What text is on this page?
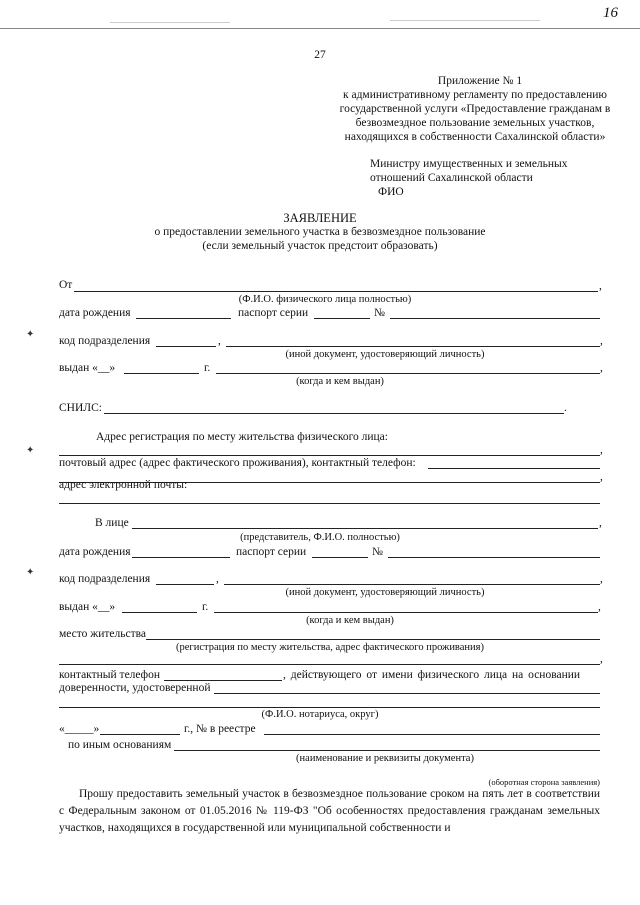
16
27
Приложение № 1
к административному регламенту по предоставлению
государственной услуги «Предоставление гражданам в
безвозмездное пользование земельных участков,
находящихся в собственности Сахалинской области»
Министру имущественных и земельных
отношений Сахалинской области
ФИО
ЗАЯВЛЕНИЕ
о предоставлении земельного участка в безвозмездное пользование
(если земельный участок предстоит образовать)
От	,
(Ф.И.О. физического лица полностью)
дата рождения	паспорт серии	№
✦
код подразделения	,	,
(иной документ, удостоверяющий личность)
выдан «__»	г.	,
(когда и кем выдан)
СНИЛС:	.
✦
Адрес регистрация по месту жительства физического лица:
,
почтовый адрес (адрес фактического проживания), контактный телефон:
,
адрес электронной почты:
В лице	,
(представитель, Ф.И.О. полностью)
дата рождения	паспорт серии	№
✦
код подразделения	,	,
(иной документ, удостоверяющий личность)
выдан «__»	г.	,
(когда и кем выдан)
место жительства
(регистрация по месту жительства, адрес фактического проживания)
,
контактный телефон	, действующего от имени физического лица на основании
доверенности, удостоверенной
(Ф.И.О. нотариуса, округ)
«_____»	г., № в реестре
по иным основаниям
(наименование и реквизиты документа)
(оборотная сторона заявления)
Прошу предоставить земельный участок в безвозмездное пользование сроком на пять лет в соответствии с Федеральным законом от 01.05.2016 № 119-ФЗ "Об особенностях предоставления гражданам земельных участков, находящихся в государственной или муниципальной собственности и
